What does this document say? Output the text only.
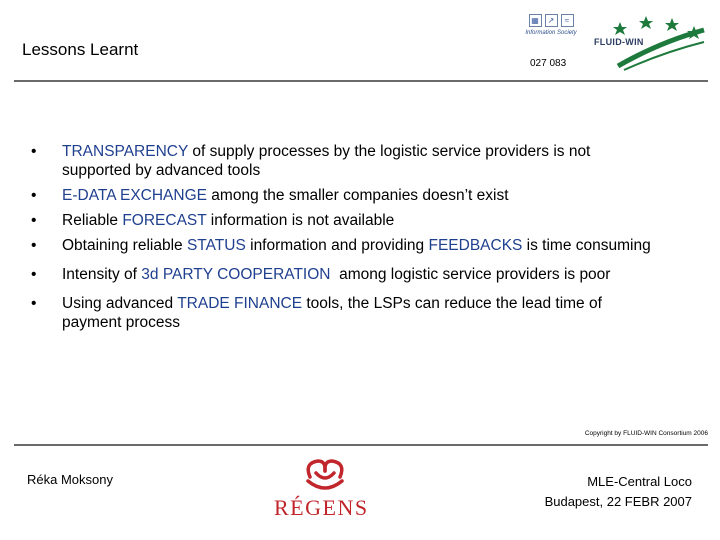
Lessons Learnt
▦	↗	≈
Information Society
027 083
FLUID-WIN
• TRANSPARENCY of supply processes by the logistic service providers is not supported by advanced tools
• E-DATA EXCHANGE among the smaller companies doesn’t exist
• Reliable FORECAST information is not available
• Obtaining reliable STATUS information and providing FEEDBACKS is time consuming
• Intensity of 3d PARTY COOPERATION  among logistic service providers is poor
• Using advanced TRADE FINANCE tools, the LSPs can reduce the lead time of payment process
Copyright by FLUID-WIN Consortium 2006
Réka Moksony
RÉGENS
MLE-Central Loco
Budapest, 22 FEBR 2007
